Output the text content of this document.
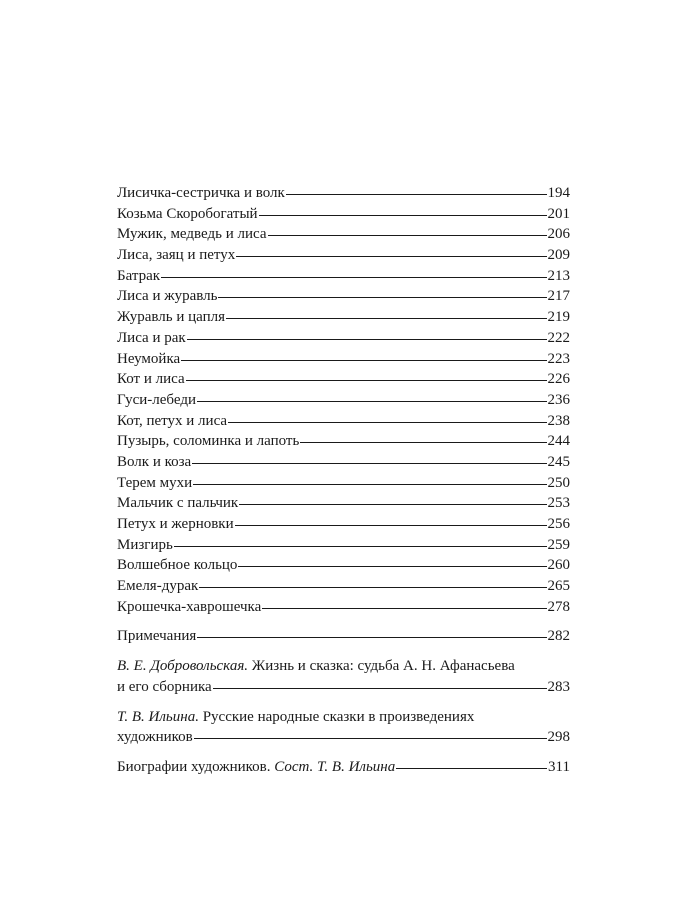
Лисичка-сестричка и волк	194
Козьма Скоробогатый	201
Мужик, медведь и лиса	206
Лиса, заяц и петух	209
Батрак	213
Лиса и журавль	217
Журавль и цапля	219
Лиса и рак	222
Неумойка	223
Кот и лиса	226
Гуси-лебеди	236
Кот, петух и лиса	238
Пузырь, соломинка и лапоть	244
Волк и коза	245
Терем мухи	250
Мальчик с пальчик	253
Петух и жерновки	256
Мизгирь	259
Волшебное кольцо	260
Емеля-дурак	265
Крошечка-хаврошечка	278
Примечания	282
В. Е. Добровольская. Жизнь и сказка: судьба А. Н. Афанасьева
и его сборника	283
Т. В. Ильина. Русские народные сказки в произведениях
художников	298
Биографии художников. Сост. Т. В. Ильина	311
